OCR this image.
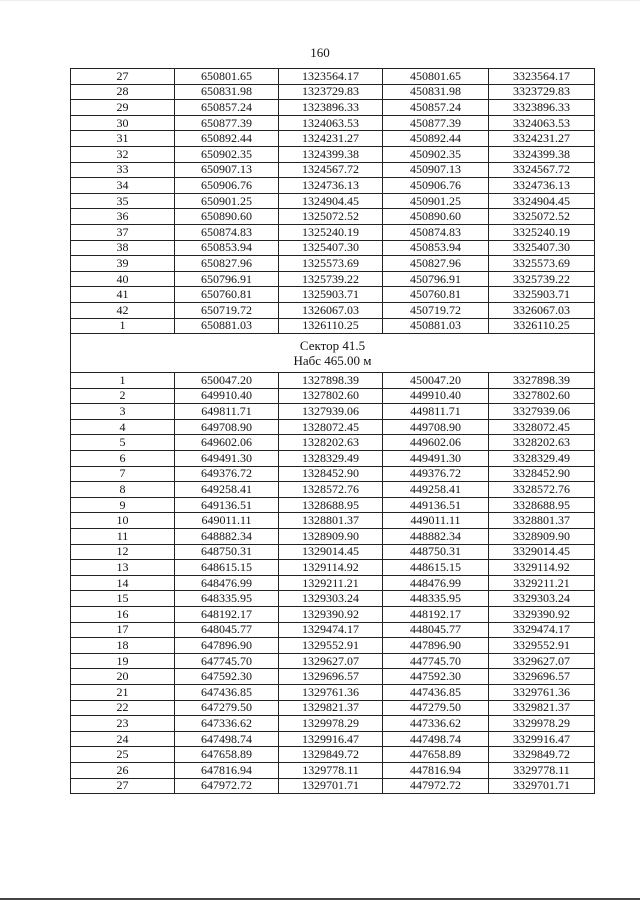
160
27	650801.65	1323564.17	450801.65	3323564.17
28	650831.98	1323729.83	450831.98	3323729.83
29	650857.24	1323896.33	450857.24	3323896.33
30	650877.39	1324063.53	450877.39	3324063.53
31	650892.44	1324231.27	450892.44	3324231.27
32	650902.35	1324399.38	450902.35	3324399.38
33	650907.13	1324567.72	450907.13	3324567.72
34	650906.76	1324736.13	450906.76	3324736.13
35	650901.25	1324904.45	450901.25	3324904.45
36	650890.60	1325072.52	450890.60	3325072.52
37	650874.83	1325240.19	450874.83	3325240.19
38	650853.94	1325407.30	450853.94	3325407.30
39	650827.96	1325573.69	450827.96	3325573.69
40	650796.91	1325739.22	450796.91	3325739.22
41	650760.81	1325903.71	450760.81	3325903.71
42	650719.72	1326067.03	450719.72	3326067.03
1	650881.03	1326110.25	450881.03	3326110.25

Сектор 41.5
Набс 465.00 м				

1	650047.20	1327898.39	450047.20	3327898.39
2	649910.40	1327802.60	449910.40	3327802.60
3	649811.71	1327939.06	449811.71	3327939.06
4	649708.90	1328072.45	449708.90	3328072.45
5	649602.06	1328202.63	449602.06	3328202.63
6	649491.30	1328329.49	449491.30	3328329.49
7	649376.72	1328452.90	449376.72	3328452.90
8	649258.41	1328572.76	449258.41	3328572.76
9	649136.51	1328688.95	449136.51	3328688.95
10	649011.11	1328801.37	449011.11	3328801.37
11	648882.34	1328909.90	448882.34	3328909.90
12	648750.31	1329014.45	448750.31	3329014.45
13	648615.15	1329114.92	448615.15	3329114.92
14	648476.99	1329211.21	448476.99	3329211.21
15	648335.95	1329303.24	448335.95	3329303.24
16	648192.17	1329390.92	448192.17	3329390.92
17	648045.77	1329474.17	448045.77	3329474.17
18	647896.90	1329552.91	447896.90	3329552.91
19	647745.70	1329627.07	447745.70	3329627.07
20	647592.30	1329696.57	447592.30	3329696.57
21	647436.85	1329761.36	447436.85	3329761.36
22	647279.50	1329821.37	447279.50	3329821.37
23	647336.62	1329978.29	447336.62	3329978.29
24	647498.74	1329916.47	447498.74	3329916.47
25	647658.89	1329849.72	447658.89	3329849.72
26	647816.94	1329778.11	447816.94	3329778.11
27	647972.72	1329701.71	447972.72	3329701.71
